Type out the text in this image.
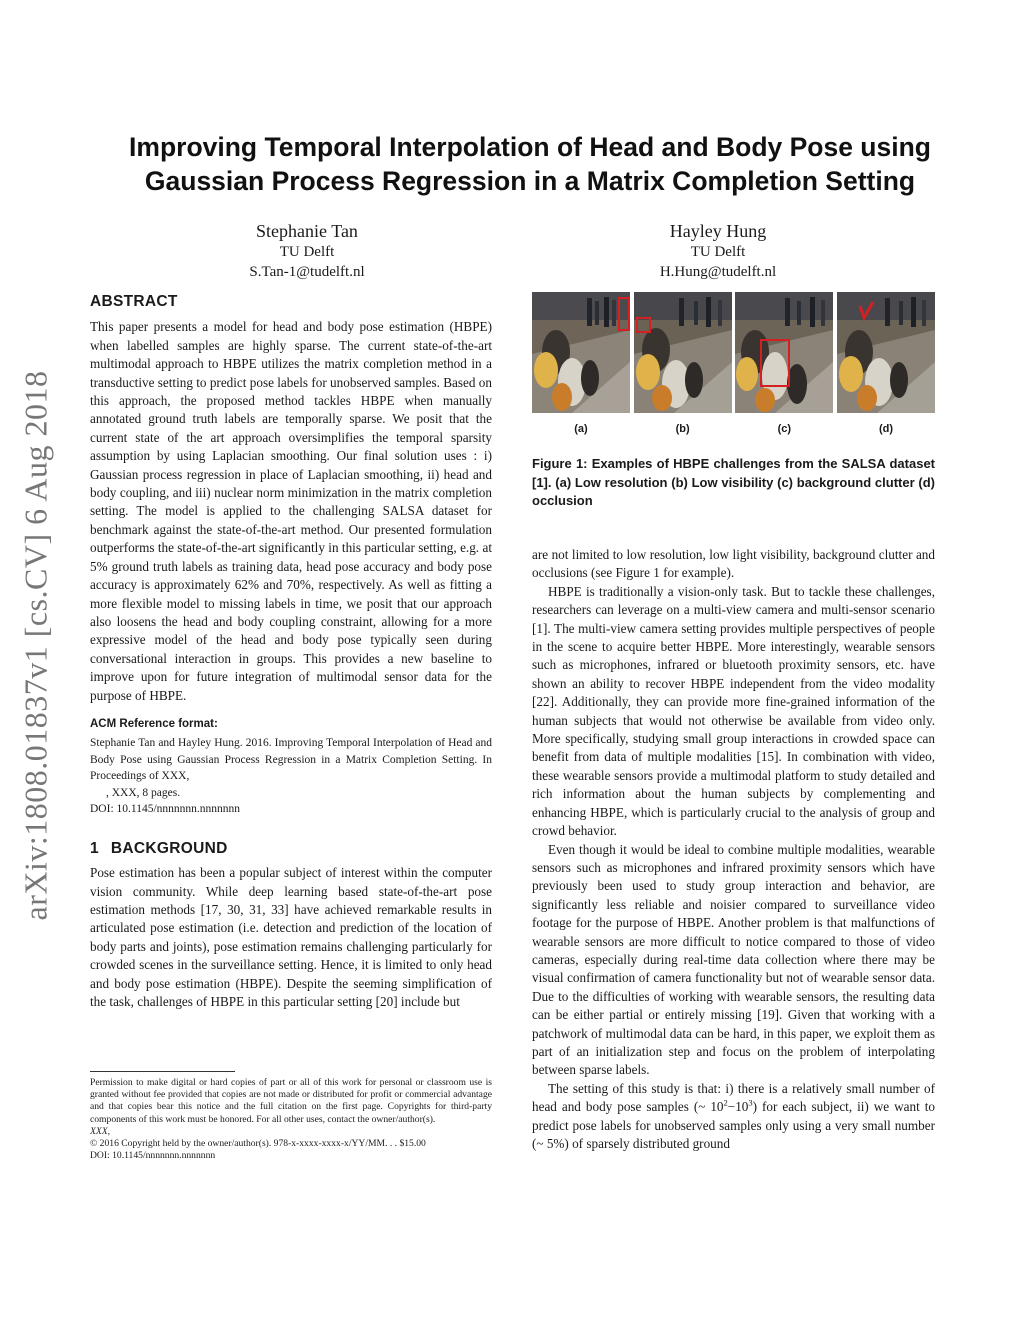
arXiv:1808.01837v1 [cs.CV] 6 Aug 2018
Improving Temporal Interpolation of Head and Body Pose using
Gaussian Process Regression in a Matrix Completion Setting
Stephanie Tan
TU Delft
S.Tan-1@tudelft.nl
Hayley Hung
TU Delft
H.Hung@tudelft.nl
ABSTRACT

This paper presents a model for head and body pose estimation (HBPE) when labelled samples are highly sparse. The current state-of-the-art multimodal approach to HBPE utilizes the matrix completion method in a transductive setting to predict pose labels for unobserved samples. Based on this approach, the proposed method tackles HBPE when manually annotated ground truth labels are temporally sparse. We posit that the current state of the art approach oversimplifies the temporal sparsity assumption by using Laplacian smoothing. Our final solution uses : i) Gaussian process regression in place of Laplacian smoothing, ii) head and body coupling, and iii) nuclear norm minimization in the matrix completion setting. The model is applied to the challenging SALSA dataset for benchmark against the state-of-the-art method. Our presented formulation outperforms the state-of-the-art significantly in this particular setting, e.g. at 5% ground truth labels as training data, head pose accuracy and body pose accuracy is approximately 62% and 70%, respectively. As well as fitting a more flexible model to missing labels in time, we posit that our approach also loosens the head and body coupling constraint, allowing for a more expressive model of the head and body pose typically seen during conversational interaction in groups. This provides a new baseline to improve upon for future integration of multimodal sensor data for the purpose of HBPE.

ACM Reference format:

Stephanie Tan and Hayley Hung. 2016. Improving Temporal Interpolation of Head and Body Pose using Gaussian Process Regression in a Matrix Completion Setting. In Proceedings of XXX,

, XXX, 8 pages.

DOI: 10.1145/nnnnnnn.nnnnnnn

1 BACKGROUND

Pose estimation has been a popular subject of interest within the computer vision community. While deep learning based state-of-the-art pose estimation methods [17, 30, 31, 33] have achieved remarkable results in articulated pose estimation (i.e. detection and prediction of the location of body parts and joints), pose estimation remains challenging particularly for crowded scenes in the surveillance setting. Hence, it is limited to only head and body pose estimation (HBPE). Despite the seeming simplification of the task, challenges of HBPE in this particular setting [20] include but

Permission to make digital or hard copies of part or all of this work for personal or classroom use is granted without fee provided that copies are not made or distributed for profit or commercial advantage and that copies bear this notice and the full citation on the first page. Copyrights for third-party components of this work must be honored. For all other uses, contact the owner/author(s).

XXX,

© 2016 Copyright held by the owner/author(s). 978-x-xxxx-xxxx-x/YY/MM. . . $15.00

DOI: 10.1145/nnnnnnn.nnnnnnn

(a)	(b)	(c)	(d)
Figure 1: Examples of HBPE challenges from the SALSA dataset [1]. (a) Low resolution (b) Low visibility (c) background clutter (d) occlusion

are not limited to low resolution, low light visibility, background clutter and occlusions (see Figure 1 for example).

HBPE is traditionally a vision-only task. But to tackle these challenges, researchers can leverage on a multi-view camera and multi-sensor scenario [1]. The multi-view camera setting provides multiple perspectives of people in the scene to acquire better HBPE. More interestingly, wearable sensors such as microphones, infrared or bluetooth proximity sensors, etc. have shown an ability to recover HBPE independent from the video modality [22]. Additionally, they can provide more fine-grained information of the human subjects that would not otherwise be available from video only. More specifically, studying small group interactions in crowded space can benefit from data of multiple modalities [15]. In combination with video, these wearable sensors provide a multimodal platform to study detailed and rich information about the human subjects by complementing and enhancing HBPE, which is particularly crucial to the analysis of group and crowd behavior.

Even though it would be ideal to combine multiple modalities, wearable sensors such as microphones and infrared proximity sensors which have previously been used to study group interaction and behavior, are significantly less reliable and noisier compared to surveillance video footage for the purpose of HBPE. Another problem is that malfunctions of wearable sensors are more difficult to notice compared to those of video cameras, especially during real-time data collection where there may be visual confirmation of camera functionality but not of wearable sensor data. Due to the difficulties of working with wearable sensors, the resulting data can be either partial or entirely missing [19]. Given that working with a patchwork of multimodal data can be hard, in this paper, we exploit them as part of an initialization step and focus on the problem of interpolating between sparse labels.

The setting of this study is that: i) there is a relatively small number of head and body pose samples (~ $10^2-10^3$) for each subject, ii) we want to predict pose labels for unobserved samples only using a very small number (~ 5%) of sparsely distributed ground
